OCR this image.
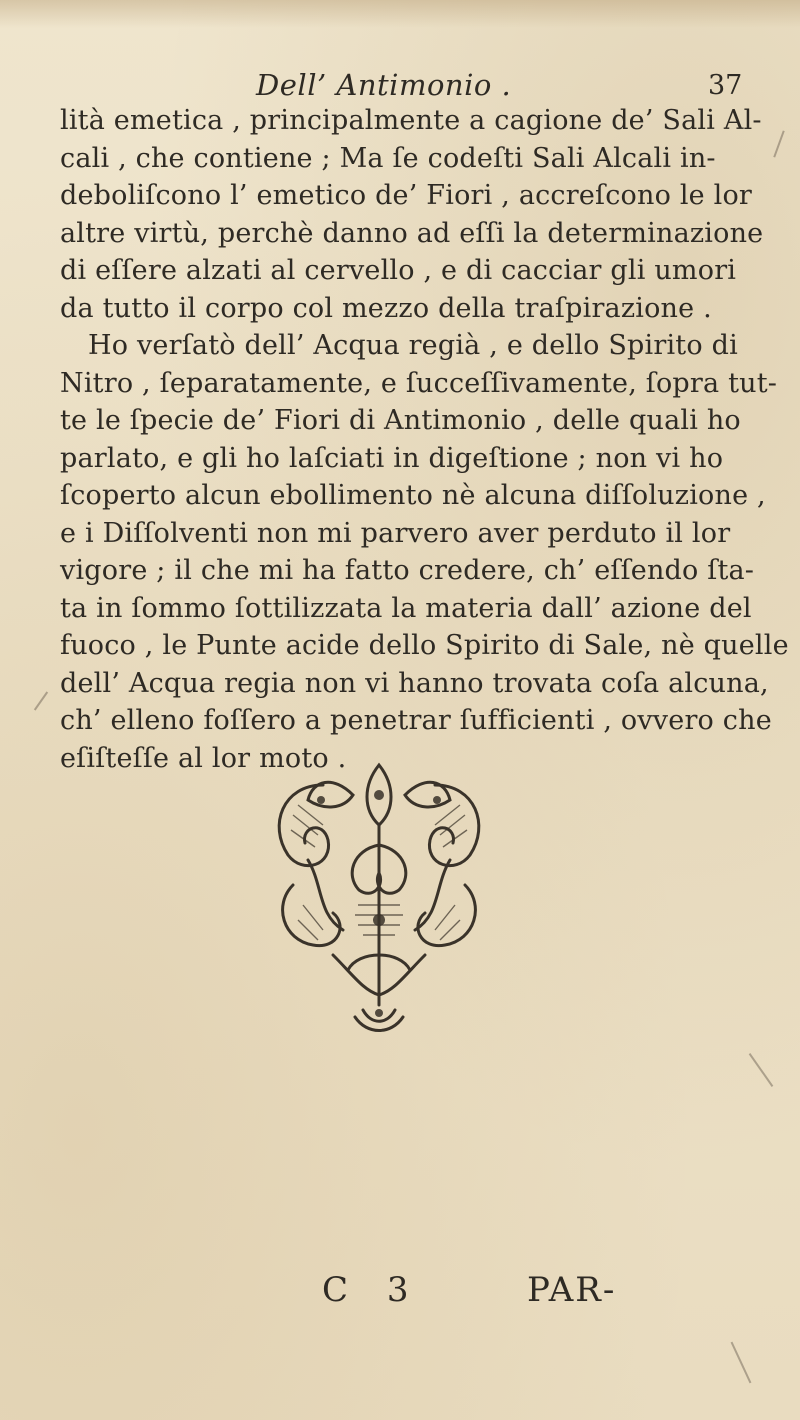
Dell’ Antimonio .	37
lità emetica , principalmente a cagione de’ Sali Al-
cali , che contiene ; Ma ſe codeſti Sali Alcali in-
deboliſcono l’ emetico de’ Fiori , accreſcono le lor
altre virtù, perchè danno ad eſſi la determinazione
di eſſere alzati al cervello , e di cacciar gli umori
da tutto il corpo col mezzo della traſpirazione .
Ho verſatò dell’ Acqua regià , e dello Spirito di
Nitro , ſeparatamente, e ſucceſſivamente, ſopra tut-
te le ſpecie de’ Fiori di Antimonio , delle quali ho
parlato, e gli ho laſciati in digeſtione ; non vi ho
ſcoperto alcun ebollimento nè alcuna diſſoluzione ,
e i Diſſolventi non mi parvero aver perduto il lor
vigore ; il che mi ha fatto credere, ch’ eſſendo ſta-
ta in ſommo ſottilizzata la materia dall’ azione del
fuoco , le Punte acide dello Spirito di Sale, nè quelle
dell’ Acqua regia non vi hanno trovata coſa alcuna,
ch’ elleno foſſero a penetrar ſufficienti , ovvero che
eſiſteſſe al lor moto .
C 3	PAR-
